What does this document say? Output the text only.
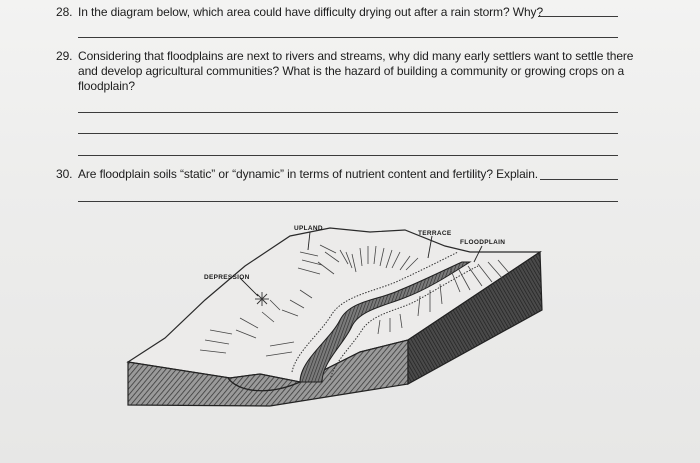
28. In the diagram below, which area could have difficulty drying out after a rain storm? Why?
29. Considering that floodplains are next to rivers and streams, why did many early settlers want to settle there
and develop agricultural communities? What is the hazard of building a community or growing crops on a
floodplain?
30. Are floodplain soils “static” or “dynamic” in terms of nutrient content and fertility? Explain.
UPLAND
TERRACE
FLOODPLAIN
DEPRESSION
